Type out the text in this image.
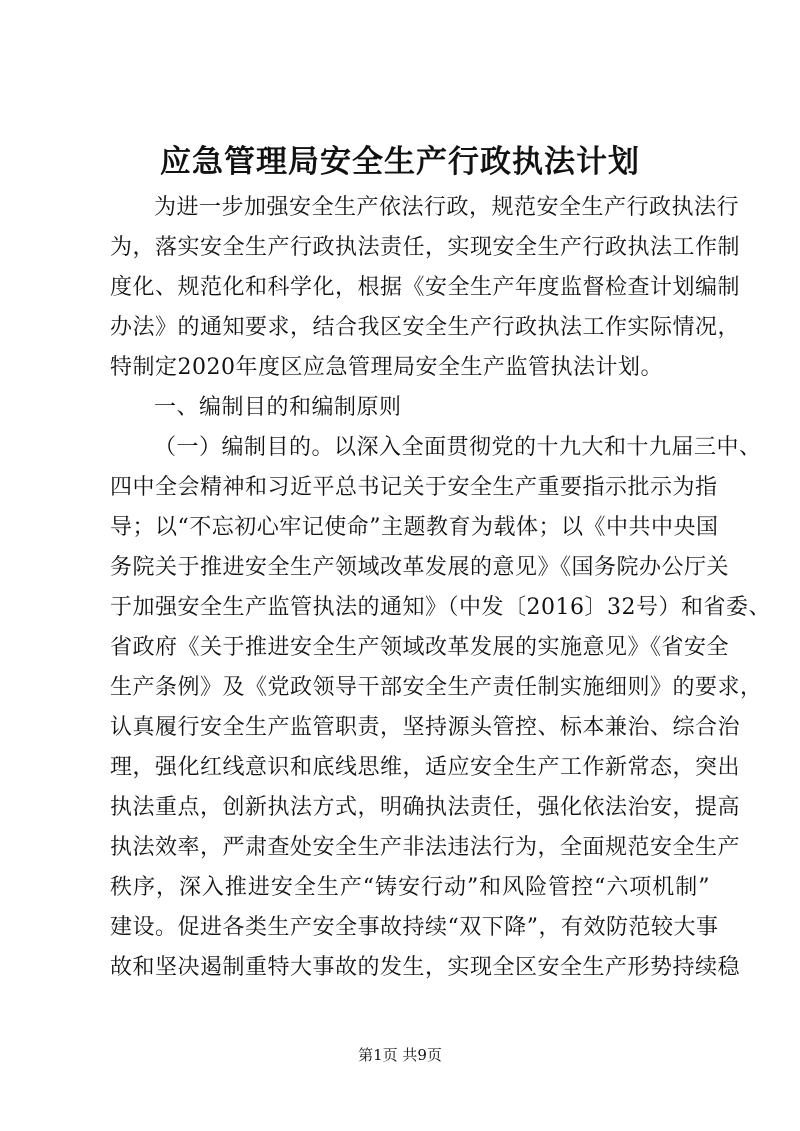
应急管理局安全生产行政执法计划
为进一步加强安全生产依法行政，规范安全生产行政执法行
为，落实安全生产行政执法责任，实现安全生产行政执法工作制
度化、规范化和科学化，根据《安全生产年度监督检查计划编制
办法》的通知要求，结合我区安全生产行政执法工作实际情况，
特制定2020年度区应急管理局安全生产监管执法计划。
一、编制目的和编制原则
（一）编制目的。以深入全面贯彻党的十九大和十九届三中、
四中全会精神和习近平总书记关于安全生产重要指示批示为指
导；以“不忘初心牢记使命”主题教育为载体；以《中共中央国
务院关于推进安全生产领域改革发展的意见》《国务院办公厅关
于加强安全生产监管执法的通知》（中发〔2016〕32号）和省委、
省政府《关于推进安全生产领域改革发展的实施意见》《省安全
生产条例》及《党政领导干部安全生产责任制实施细则》的要求，
认真履行安全生产监管职责，坚持源头管控、标本兼治、综合治
理，强化红线意识和底线思维，适应安全生产工作新常态，突出
执法重点，创新执法方式，明确执法责任，强化依法治安，提高
执法效率，严肃查处安全生产非法违法行为，全面规范安全生产
秩序，深入推进安全生产“铸安行动”和风险管控“六项机制”
建设。促进各类生产安全事故持续“双下降”，有效防范较大事
故和坚决遏制重特大事故的发生，实现全区安全生产形势持续稳
第1页 共9页
